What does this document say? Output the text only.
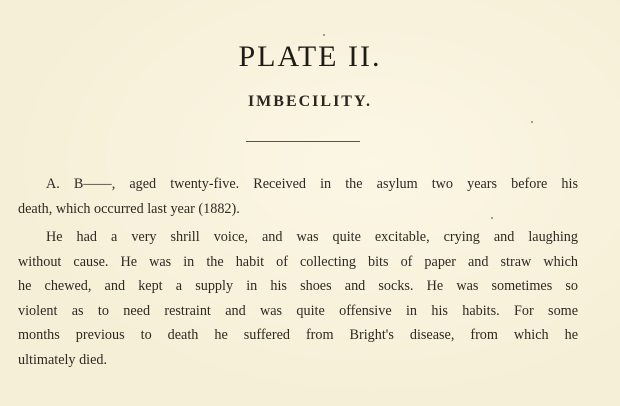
PLATE II.
IMBECILITY.
A. B——, aged twenty-five. Received in the asylum two years before his
death, which occurred last year (1882).
He had a very shrill voice, and was quite excitable, crying and laughing
without cause. He was in the habit of collecting bits of paper and straw which
he chewed, and kept a supply in his shoes and socks. He was sometimes so
violent as to need restraint and was quite offensive in his habits. For some
months previous to death he suffered from Bright's disease, from which he
ultimately died.
